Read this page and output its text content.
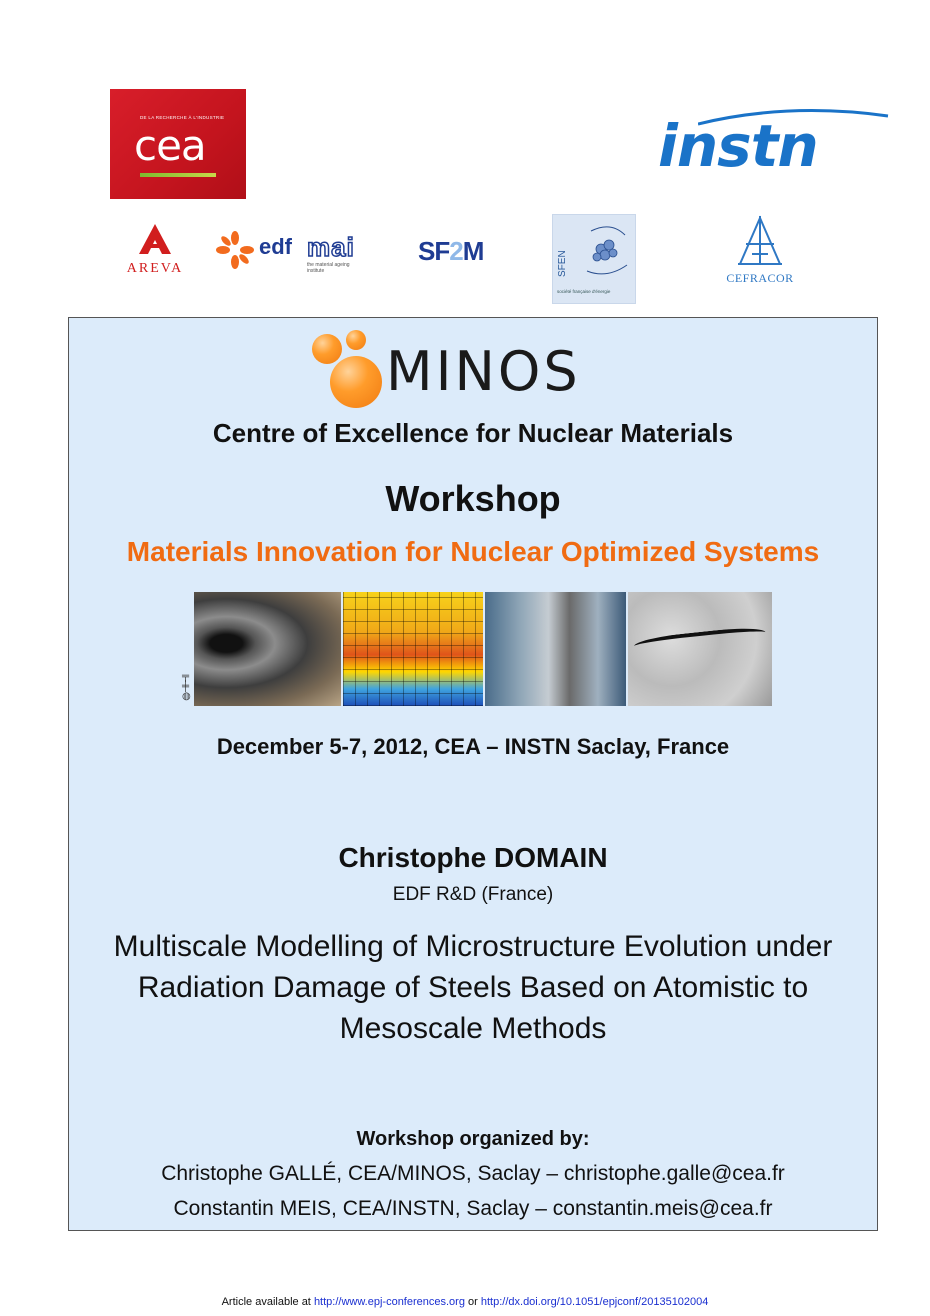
DE LA RECHERCHE À L'INDUSTRIE
cea	instn
AREVA
edf mai
the material ageing institute
SF2M	SFEN
société française d'énergie
CEFRACOR
MINOS
Centre of Excellence for Nuclear Materials
Workshop
Materials Innovation for Nuclear Optimized Systems
╤
╪
◍
December 5-7, 2012, CEA – INSTN Saclay, France
Christophe DOMAIN
EDF R&D (France)
Multiscale Modelling of Microstructure Evolution under Radiation Damage of Steels Based on Atomistic to Mesoscale Methods
Workshop organized by:
Christophe GALLÉ, CEA/MINOS, Saclay – christophe.galle@cea.fr
Constantin MEIS, CEA/INSTN, Saclay – constantin.meis@cea.fr
Article available at http://www.epj-conferences.org or http://dx.doi.org/10.1051/epjconf/20135102004
